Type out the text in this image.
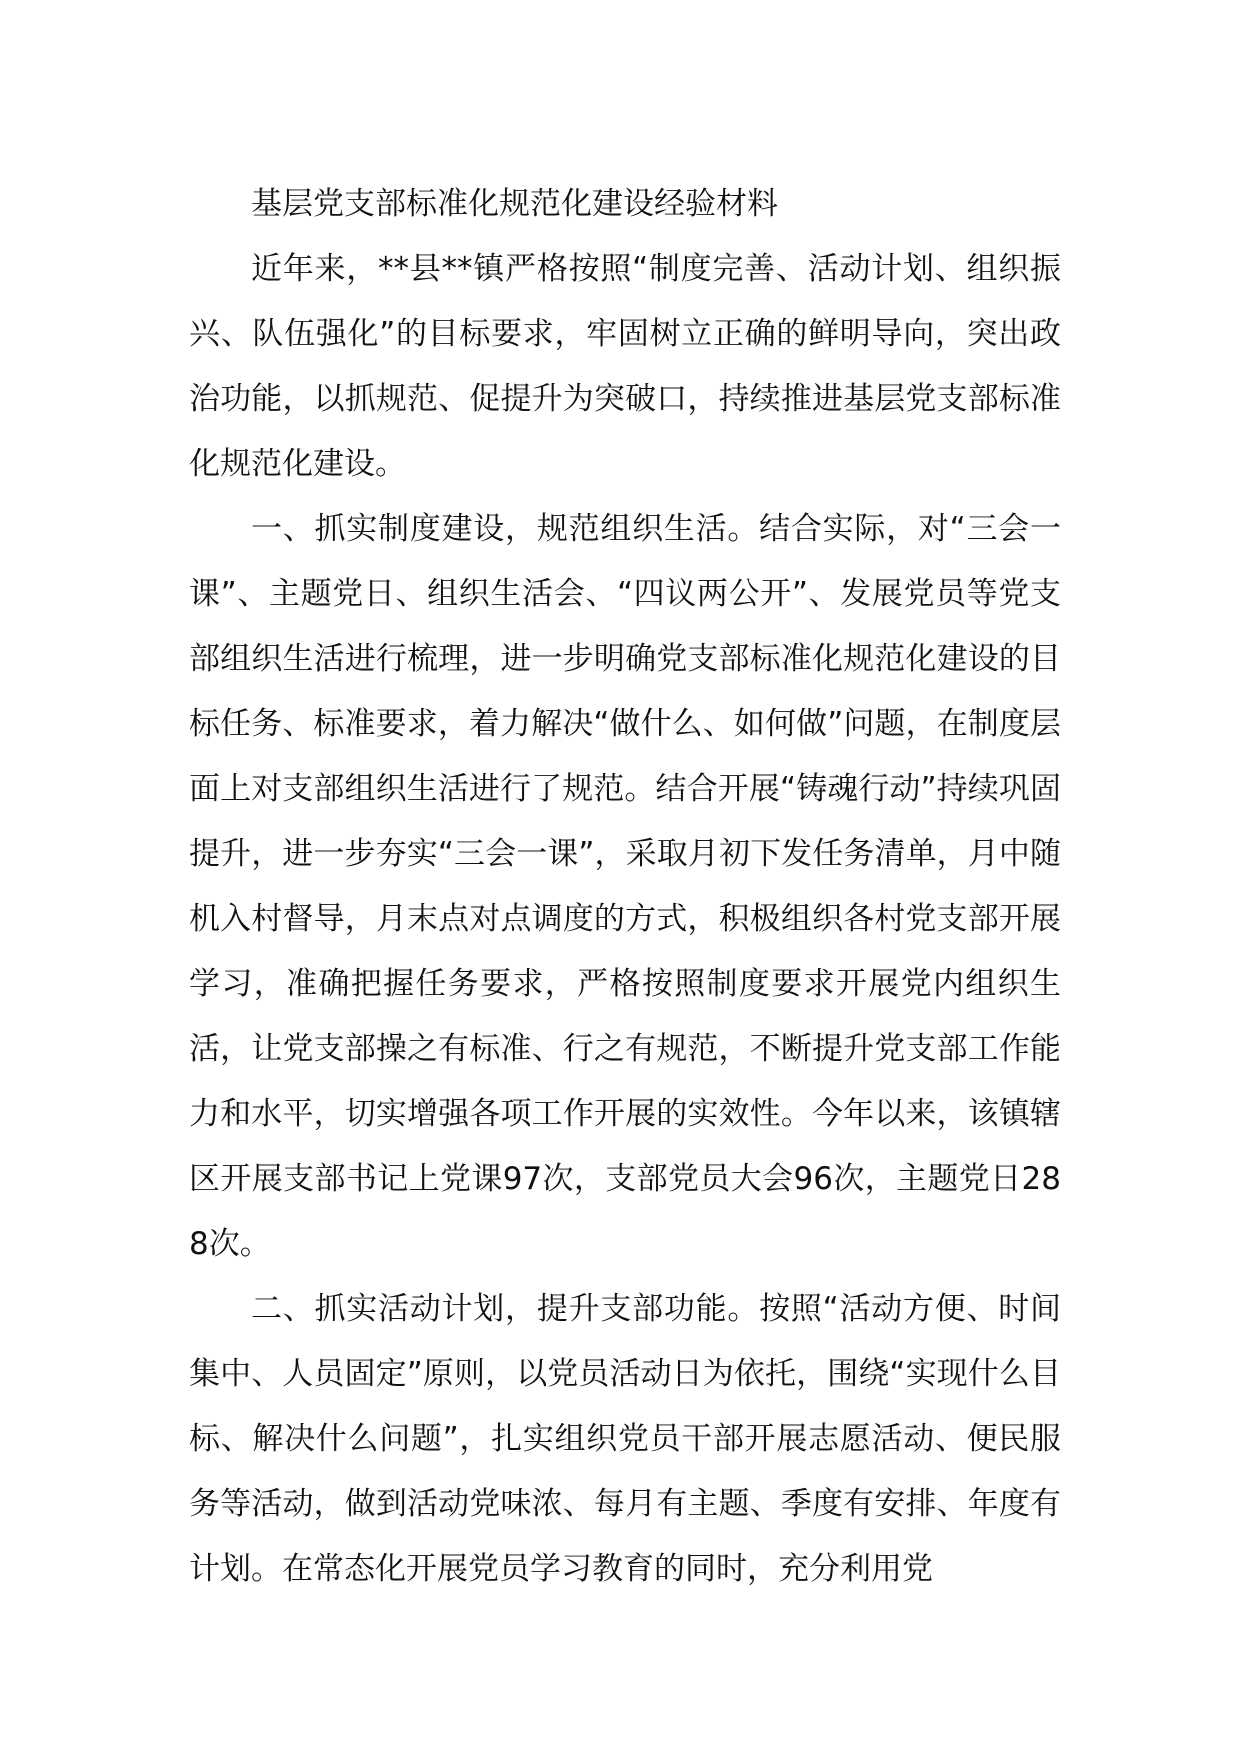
基层党支部标准化规范化建设经验材料

近年来，**县**镇严格按照“制度完善、活动计划、组织振兴、队伍强化”的目标要求，牢固树立正确的鲜明导向，突出政治功能，以抓规范、促提升为突破口，持续推进基层党支部标准化规范化建设。

一、抓实制度建设，规范组织生活。结合实际，对“三会一课”、主题党日、组织生活会、“四议两公开”、发展党员等党支部组织生活进行梳理，进一步明确党支部标准化规范化建设的目标任务、标准要求，着力解决“做什么、如何做”问题，在制度层面上对支部组织生活进行了规范。结合开展“铸魂行动”持续巩固提升，进一步夯实“三会一课”，采取月初下发任务清单，月中随机入村督导，月末点对点调度的方式，积极组织各村党支部开展学习，准确把握任务要求，严格按照制度要求开展党内组织生活，让党支部操之有标准、行之有规范，不断提升党支部工作能力和水平，切实增强各项工作开展的实效性。今年以来，该镇辖区开展支部书记上党课97次，支部党员大会96次，主题党日288次。

二、抓实活动计划，提升支部功能。按照“活动方便、时间集中、人员固定”原则，以党员活动日为依托，围绕“实现什么目标、解决什么问题”，扎实组织党员干部开展志愿活动、便民服务等活动，做到活动党味浓、每月有主题、季度有安排、年度有计划。在常态化开展党员学习教育的同时，充分利用党
